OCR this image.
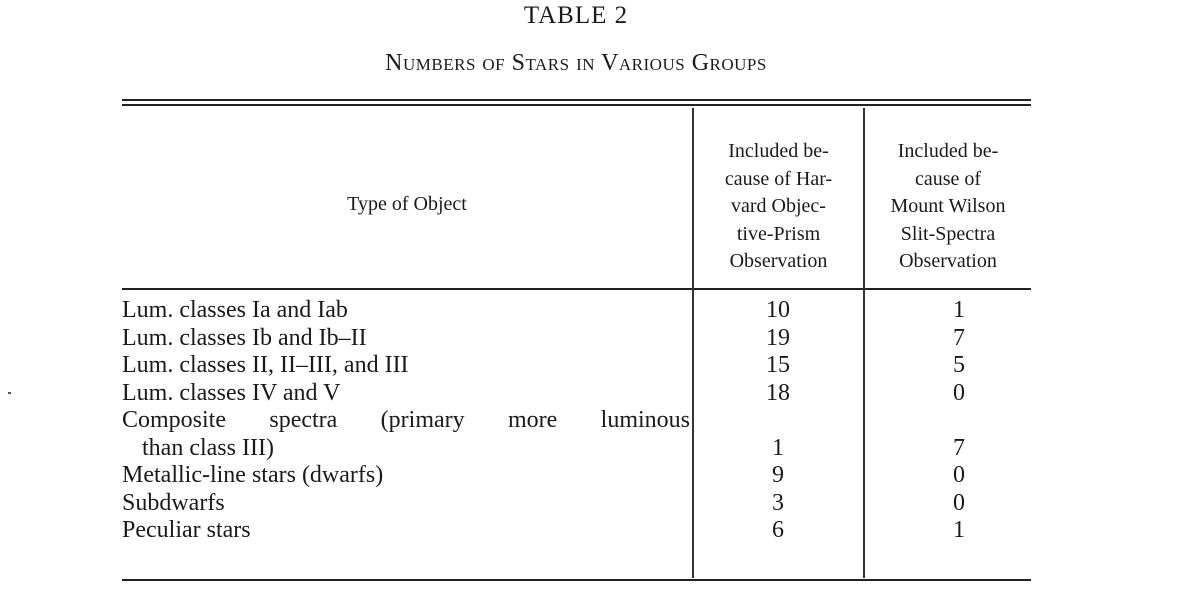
TABLE 2
Numbers of Stars in Various Groups
Type of Object
Included be-
cause of Har-
vard Objec-
tive-Prism
Observation
Included be-
cause of
Mount Wilson
Slit-Spectra
Observation
Lum. classes Ia and Iab . . .	10	1
Lum. classes Ib and Ib–II . . .	19	7
Lum. classes II, II–III, and III . . .	15	5
Lum. classes IV and V . . .	18	0
Composite spectra (primary more luminous
than class III) . . .	1	7
Metallic-line stars (dwarfs) . . .	9	0
Subdwarfs . . .	3	0
Peculiar stars . . .	6	1
